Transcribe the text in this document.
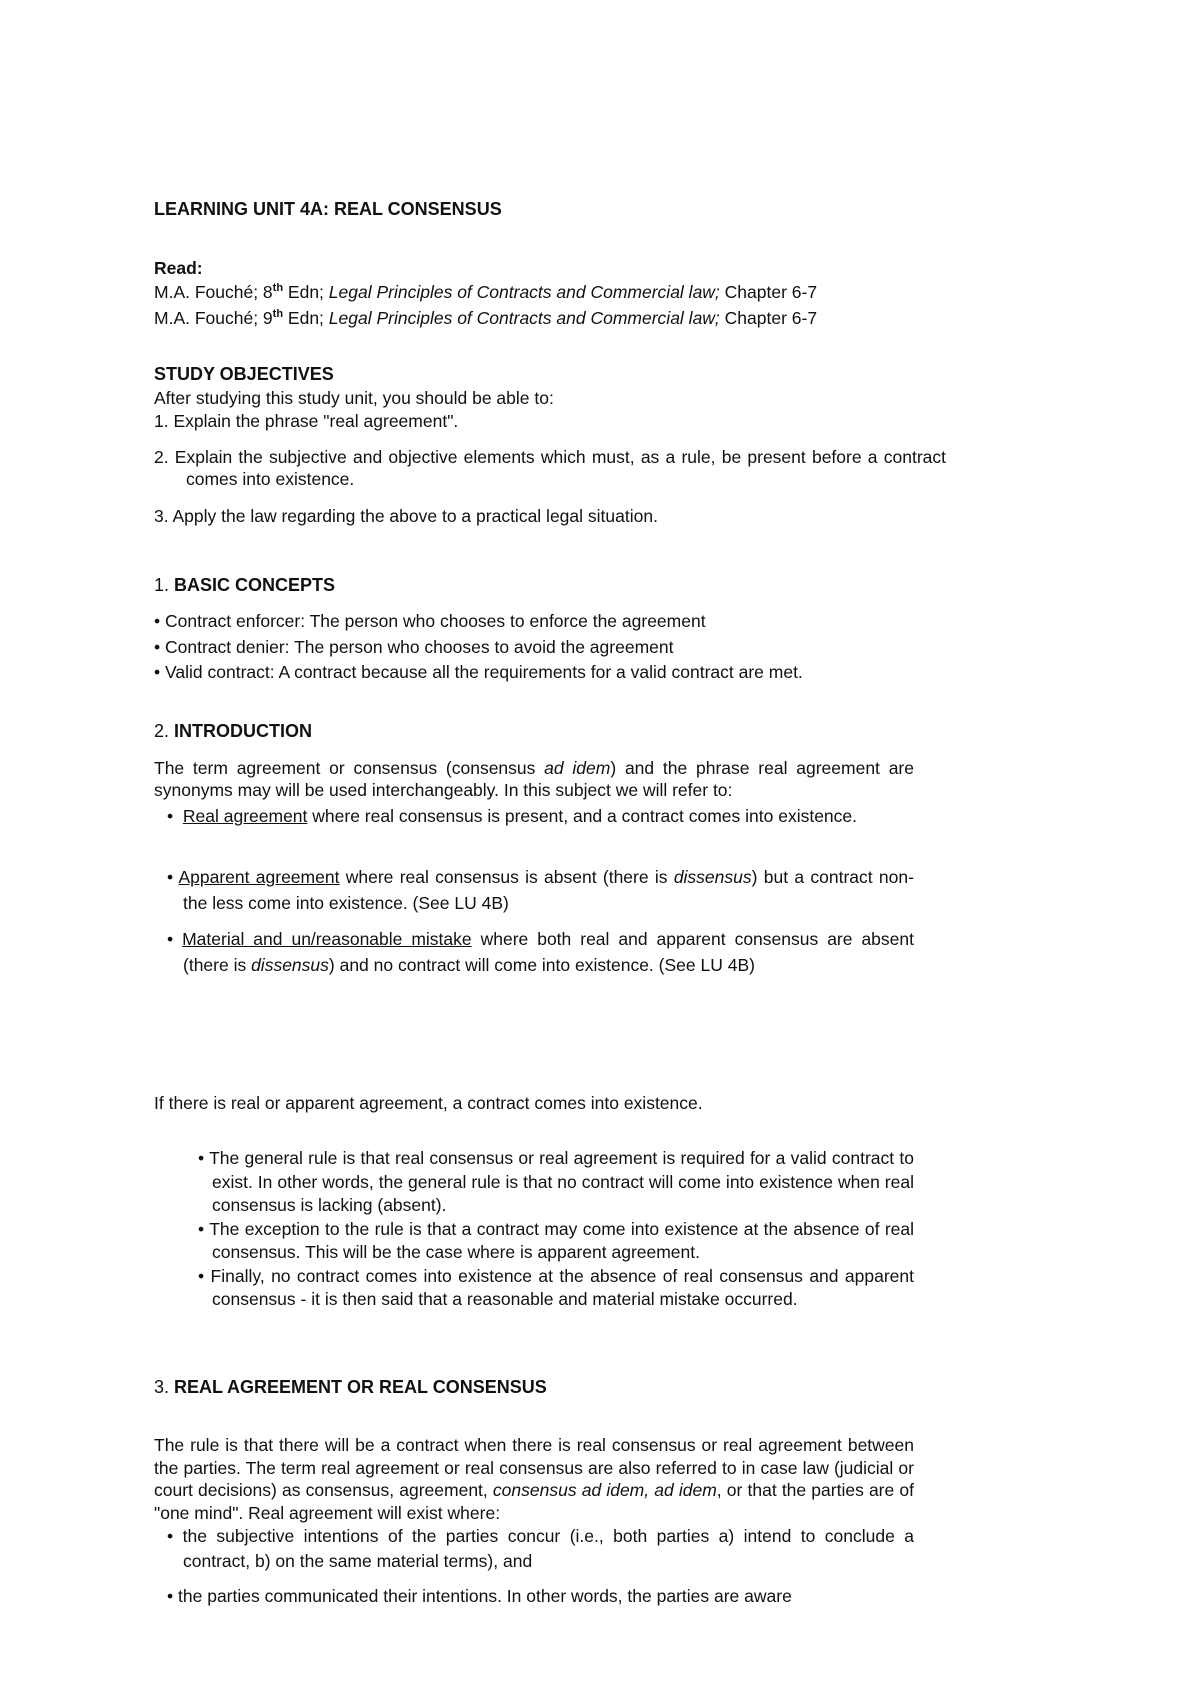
LEARNING UNIT 4A: REAL CONSENSUS
Read:
M.A. Fouché; 8th Edn; Legal Principles of Contracts and Commercial law; Chapter 6-7
M.A. Fouché; 9th Edn; Legal Principles of Contracts and Commercial law; Chapter 6-7
STUDY OBJECTIVES
After studying this study unit, you should be able to:
1. Explain the phrase "real agreement".
2. Explain the subjective and objective elements which must, as a rule, be present before a contract comes into existence.
3. Apply the law regarding the above to a practical legal situation.
1. BASIC CONCEPTS
• Contract enforcer: The person who chooses to enforce the agreement
• Contract denier: The person who chooses to avoid the agreement
• Valid contract: A contract because all the requirements for a valid contract are met.
2. INTRODUCTION
The term agreement or consensus (consensus ad idem) and the phrase real agreement are synonyms may will be used interchangeably. In this subject we will refer to:
• Real agreement where real consensus is present, and a contract comes into existence.
• Apparent agreement where real consensus is absent (there is dissensus) but a contract non-the less come into existence. (See LU 4B)
• Material and un/reasonable mistake where both real and apparent consensus are absent (there is dissensus) and no contract will come into existence. (See LU 4B)
If there is real or apparent agreement, a contract comes into existence.
• The general rule is that real consensus or real agreement is required for a valid contract to exist. In other words, the general rule is that no contract will come into existence when real consensus is lacking (absent).
• The exception to the rule is that a contract may come into existence at the absence of real consensus. This will be the case where is apparent agreement.
• Finally, no contract comes into existence at the absence of real consensus and apparent consensus - it is then said that a reasonable and material mistake occurred.
3. REAL AGREEMENT OR REAL CONSENSUS
The rule is that there will be a contract when there is real consensus or real agreement between the parties. The term real agreement or real consensus are also referred to in case law (judicial or court decisions) as consensus, agreement, consensus ad idem, ad idem, or that the parties are of "one mind". Real agreement will exist where:
• the subjective intentions of the parties concur (i.e., both parties a) intend to conclude a contract, b) on the same material terms), and
• the parties communicated their intentions. In other words, the parties are aware
